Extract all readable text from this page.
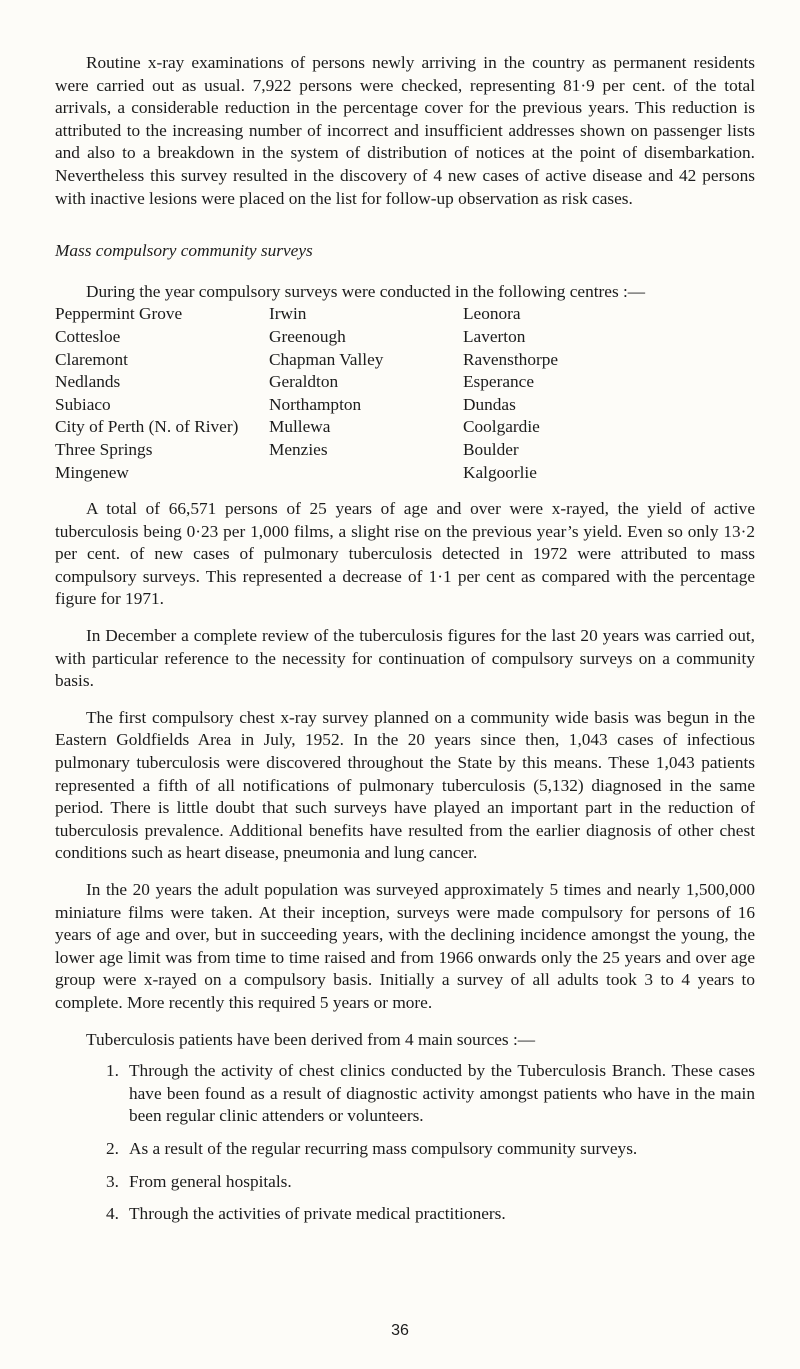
Routine x-ray examinations of persons newly arriving in the country as permanent residents were carried out as usual. 7,922 persons were checked, representing 81·9 per cent. of the total arrivals, a considerable reduction in the percentage cover for the previous years. This reduction is attributed to the increasing number of incorrect and insufficient addresses shown on passenger lists and also to a breakdown in the system of distribution of notices at the point of disembarkation. Nevertheless this survey resulted in the discovery of 4 new cases of active disease and 42 persons with inactive lesions were placed on the list for follow-up observation as risk cases.

Mass compulsory community surveys

During the year compulsory surveys were conducted in the following centres :—

Peppermint Grove
Cottesloe
Claremont
Nedlands
Subiaco
City of Perth (N. of River)
Three Springs
Mingenew
Irwin
Greenough
Chapman Valley
Geraldton
Northampton
Mullewa
Menzies
Leonora
Laverton
Ravensthorpe
Esperance
Dundas
Coolgardie
Boulder
Kalgoorlie

A total of 66,571 persons of 25 years of age and over were x-rayed, the yield of active tuberculosis being 0·23 per 1,000 films, a slight rise on the previous year’s yield. Even so only 13·2 per cent. of new cases of pulmonary tuberculosis detected in 1972 were attributed to mass compulsory surveys. This represented a decrease of 1·1 per cent as compared with the percentage figure for 1971.

In December a complete review of the tuberculosis figures for the last 20 years was carried out, with particular reference to the necessity for continuation of compulsory surveys on a community basis.

The first compulsory chest x-ray survey planned on a community wide basis was begun in the Eastern Goldfields Area in July, 1952. In the 20 years since then, 1,043 cases of infectious pulmonary tuberculosis were discovered throughout the State by this means. These 1,043 patients represented a fifth of all notifications of pulmonary tuberculosis (5,132) diagnosed in the same period. There is little doubt that such surveys have played an important part in the reduction of tuberculosis prevalence. Additional benefits have resulted from the earlier diagnosis of other chest conditions such as heart disease, pneumonia and lung cancer.

In the 20 years the adult population was surveyed approximately 5 times and nearly 1,500,000 miniature films were taken. At their inception, surveys were made compulsory for persons of 16 years of age and over, but in succeeding years, with the declining incidence amongst the young, the lower age limit was from time to time raised and from 1966 onwards only the 25 years and over age group were x-rayed on a compulsory basis. Initially a survey of all adults took 3 to 4 years to complete. More recently this required 5 years or more.

Tuberculosis patients have been derived from 4 main sources :—

1. Through the activity of chest clinics conducted by the Tuberculosis Branch. These cases have been found as a result of diagnostic activity amongst patients who have in the main been regular clinic attenders or volunteers.
2. As a result of the regular recurring mass compulsory community surveys.
3. From general hospitals.
4. Through the activities of private medical practitioners.
36
